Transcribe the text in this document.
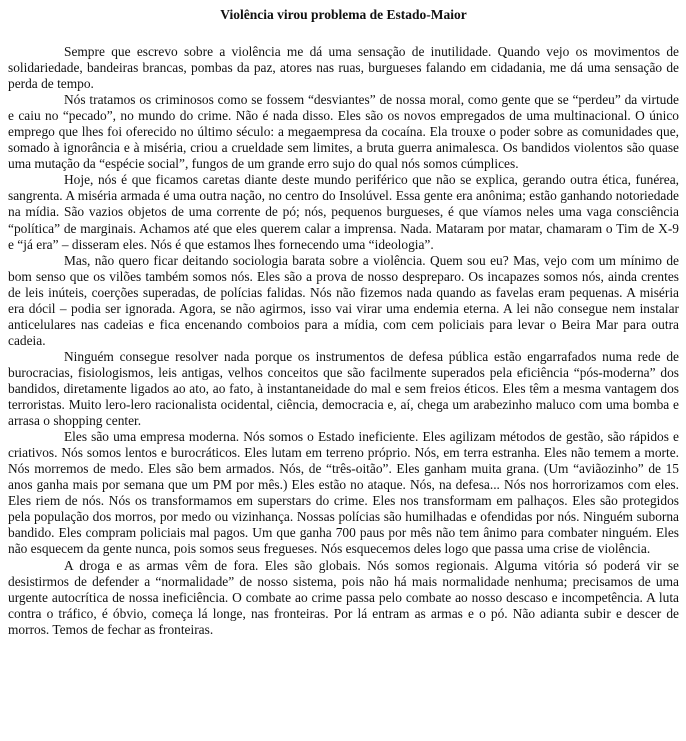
Violência virou problema de Estado-Maior

Sempre que escrevo sobre a violência me dá uma sensação de inutilidade. Quando vejo os movimentos de solidariedade, bandeiras brancas, pombas da paz, atores nas ruas, burgueses falando em cidadania, me dá uma sensação de perda de tempo.

Nós tratamos os criminosos como se fossem “desviantes” de nossa moral, como gente que se “perdeu” da virtude e caiu no “pecado”, no mundo do crime. Não é nada disso. Eles são os novos empregados de uma multinacional. O único emprego que lhes foi oferecido no último século: a megaempresa da cocaína. Ela trouxe o poder sobre as comunidades que, somado à ignorância e à miséria, criou a crueldade sem limites, a bruta guerra animalesca. Os bandidos violentos são quase uma mutação da “espécie social”, fungos de um grande erro sujo do qual nós somos cúmplices.

Hoje, nós é que ficamos caretas diante deste mundo periférico que não se explica, gerando outra ética, funérea, sangrenta. A miséria armada é uma outra nação, no centro do Insolúvel. Essa gente era anônima; estão ganhando notoriedade na mídia. São vazios objetos de uma corrente de pó; nós, pequenos burgueses, é que víamos neles uma vaga consciência “política” de marginais. Achamos até que eles querem calar a imprensa. Nada. Mataram por matar, chamaram o Tim de X-9 e “já era” – disseram eles. Nós é que estamos lhes fornecendo uma “ideologia”.

Mas, não quero ficar deitando sociologia barata sobre a violência. Quem sou eu? Mas, vejo com um mínimo de bom senso que os vilões também somos nós. Eles são a prova de nosso despreparo. Os incapazes somos nós, ainda crentes de leis inúteis, coerções superadas, de polícias falidas. Nós não fizemos nada quando as favelas eram pequenas. A miséria era dócil – podia ser ignorada. Agora, se não agirmos, isso vai virar uma endemia eterna. A lei não consegue nem instalar anticelulares nas cadeias e fica encenando comboios para a mídia, com cem policiais para levar o Beira Mar para outra cadeia.

Ninguém consegue resolver nada porque os instrumentos de defesa pública estão engarrafados numa rede de burocracias, fisiologismos, leis antigas, velhos conceitos que são facilmente superados pela eficiência “pós-moderna” dos bandidos, diretamente ligados ao ato, ao fato, à instantaneidade do mal e sem freios éticos. Eles têm a mesma vantagem dos terroristas. Muito lero-lero racionalista ocidental, ciência, democracia e, aí, chega um arabezinho maluco com uma bomba e arrasa o shopping center.

Eles são uma empresa moderna. Nós somos o Estado ineficiente. Eles agilizam métodos de gestão, são rápidos e criativos. Nós somos lentos e burocráticos. Eles lutam em terreno próprio. Nós, em terra estranha. Eles não temem a morte. Nós morremos de medo. Eles são bem armados. Nós, de “três-oitão”. Eles ganham muita grana. (Um “aviãozinho” de 15 anos ganha mais por semana que um PM por mês.) Eles estão no ataque. Nós, na defesa... Nós nos horrorizamos com eles. Eles riem de nós. Nós os transformamos em superstars do crime. Eles nos transformam em palhaços. Eles são protegidos pela população dos morros, por medo ou vizinhança. Nossas polícias são humilhadas e ofendidas por nós. Ninguém suborna bandido. Eles compram policiais mal pagos. Um que ganha 700 paus por mês não tem ânimo para combater ninguém. Eles não esquecem da gente nunca, pois somos seus fregueses. Nós esquecemos deles logo que passa uma crise de violência.

A droga e as armas vêm de fora. Eles são globais. Nós somos regionais. Alguma vitória só poderá vir se desistirmos de defender a “normalidade” de nosso sistema, pois não há mais normalidade nenhuma; precisamos de uma urgente autocrítica de nossa ineficiência. O combate ao crime passa pelo combate ao nosso descaso e incompetência. A luta contra o tráfico, é óbvio, começa lá longe, nas fronteiras. Por lá entram as armas e o pó. Não adianta subir e descer de morros. Temos de fechar as fronteiras.
